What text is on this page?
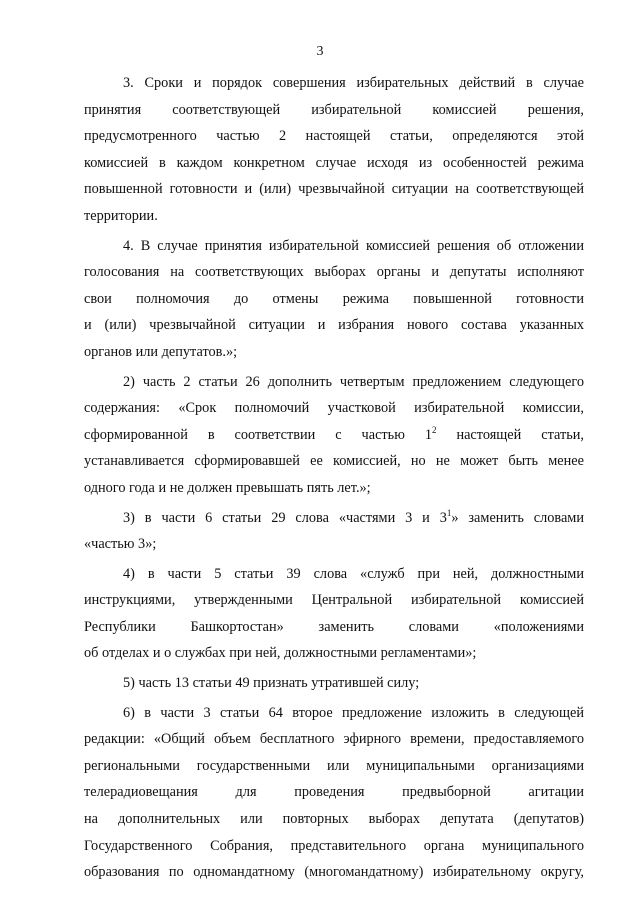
3
3. Сроки и порядок совершения избирательных действий в случае
принятия соответствующей избирательной комиссией решения,
предусмотренного частью 2 настоящей статьи, определяются этой
комиссией в каждом конкретном случае исходя из особенностей режима
повышенной готовности и (или) чрезвычайной ситуации на соответствующей
территории.
4. В случае принятия избирательной комиссией решения об отложении
голосования на соответствующих выборах органы и депутаты исполняют
свои полномочия до отмены режима повышенной готовности
и (или) чрезвычайной ситуации и избрания нового состава указанных
органов или депутатов.»;
2) часть 2 статьи 26 дополнить четвертым предложением следующего
содержания: «Срок полномочий участковой избирательной комиссии,
сформированной в соответствии с частью $1^2$ настоящей статьи,
устанавливается сформировавшей ее комиссией, но не может быть менее
одного года и не должен превышать пять лет.»;
3) в части 6 статьи 29 слова «частями 3 и $3^1$» заменить словами
«частью 3»;
4) в части 5 статьи 39 слова «служб при ней, должностными
инструкциями, утвержденными Центральной избирательной комиссией
Республики Башкортостан» заменить словами «положениями
об отделах и о службах при ней, должностными регламентами»;
5) часть 13 статьи 49 признать утратившей силу;
6) в части 3 статьи 64 второе предложение изложить в следующей
редакции: «Общий объем бесплатного эфирного времени, предоставляемого
региональными государственными или муниципальными организациями
телерадиовещания для проведения предвыборной агитации
на дополнительных или повторных выборах депутата (депутатов)
Государственного Собрания, представительного органа муниципального
образования по одномандатному (многомандатному) избирательному округу,
